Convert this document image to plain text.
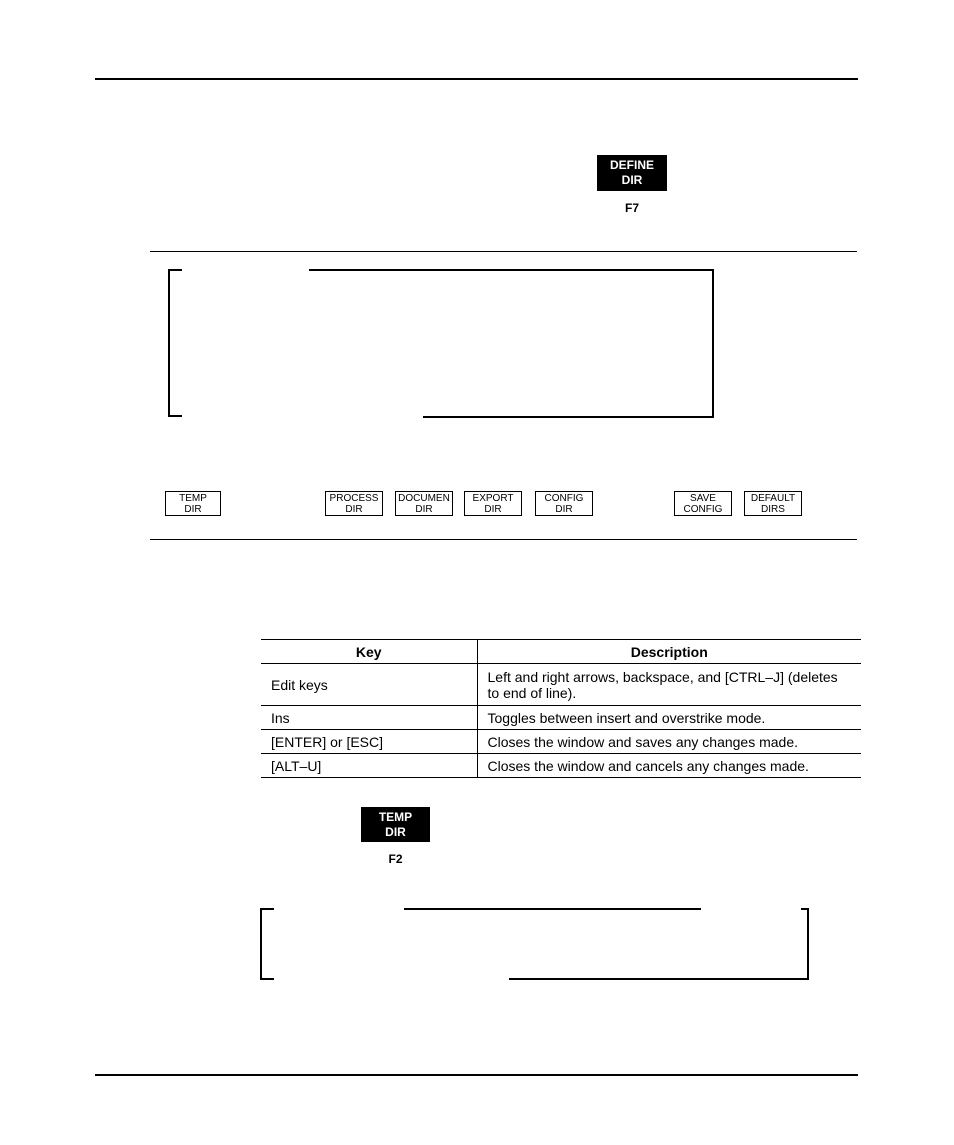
DEFINE
DIR
F7
TEMP
DIR
PROCESS
DIR
DOCUMEN
DIR
EXPORT
DIR
CONFIG
DIR
SAVE
CONFIG
DEFAULT
DIRS
Key	Description
Edit keys	Left and right arrows, backspace, and [CTRL–J] (deletes to end of line).
Ins	Toggles between insert and overstrike mode.
[ENTER] or [ESC]	Closes the window and saves any changes made.
[ALT–U]	Closes the window and cancels any changes made.
TEMP
DIR
F2
